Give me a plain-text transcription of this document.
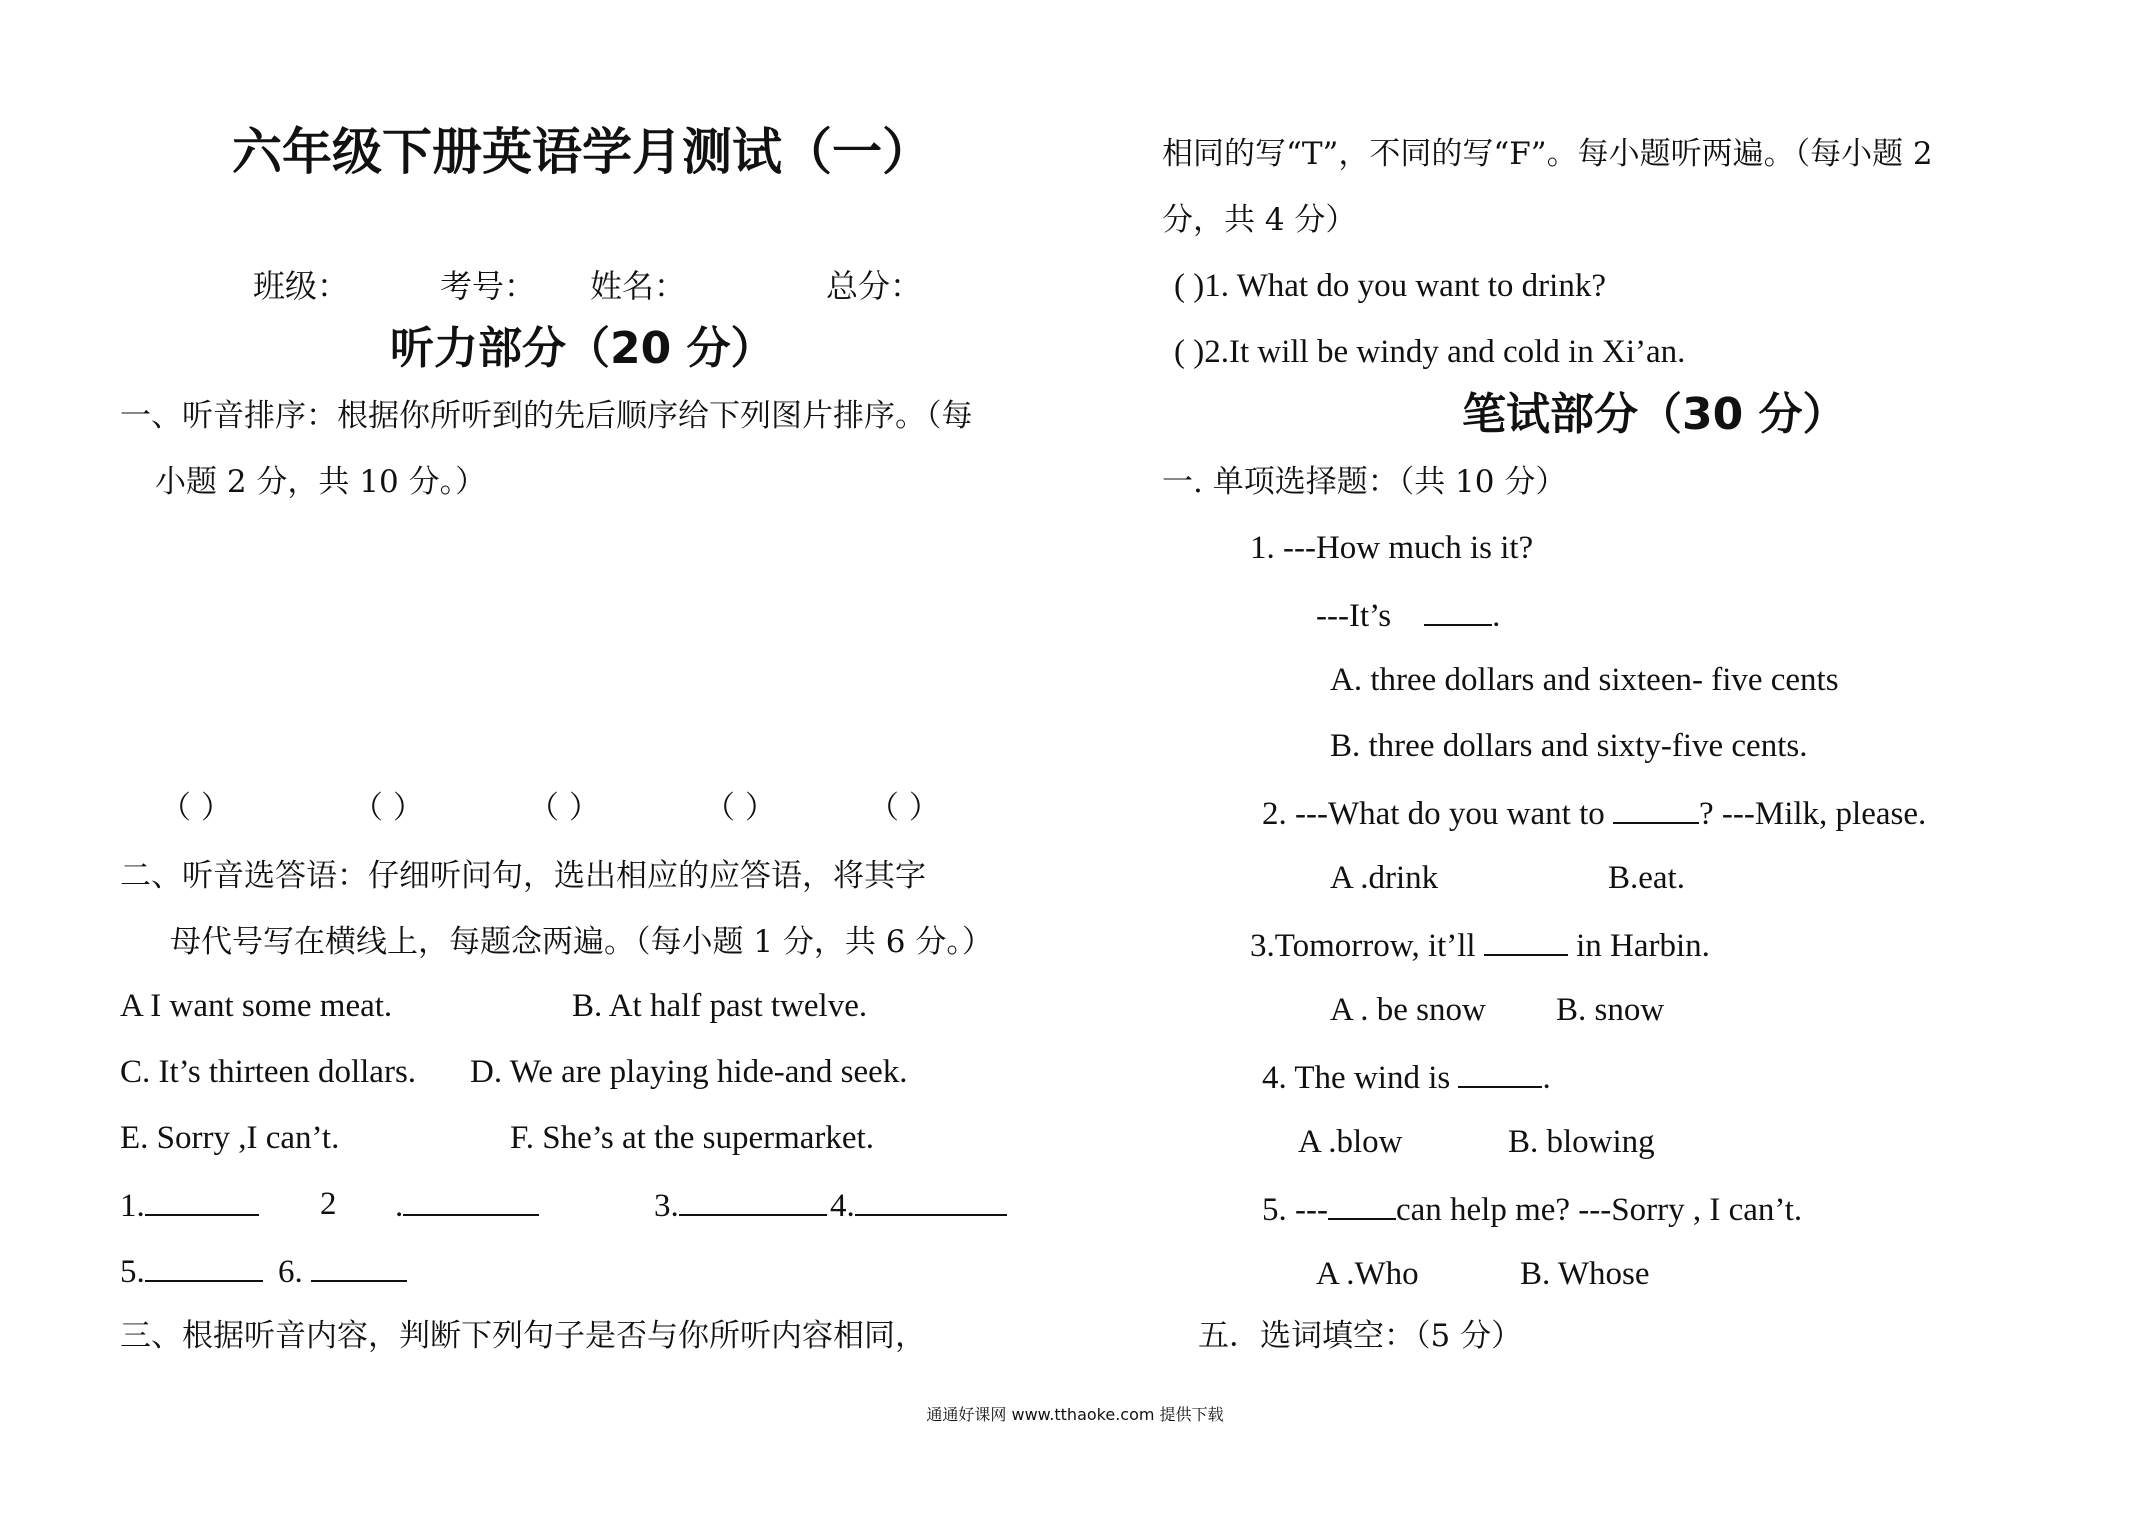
六年级下册英语学月测试（一）
班级：	考号： 姓名：	总分：
听力部分（20 分）
一、听音排序：根据你所听到的先后顺序给下列图片排序。（每
小题 2 分，共 10 分。）
（ ）	（ ）	（ ）	（ ）	（ ）
二、听音选答语：仔细听问句，选出相应的应答语，将其字
母代号写在横线上，每题念两遍。（每小题 1 分，共 6 分。）
A I want some meat.	B. At half past twelve.
C. It’s thirteen dollars. D. We are playing hide-and seek.
E. Sorry ,I can’t.	F. She’s at the supermarket.
1.	2 .	3.	4.
5.	6.
三、根据听音内容，判断下列句子是否与你所听内容相同，
相同的写“T”，不同的写“F”。每小题听两遍。（每小题 2
分，共 4 分）
( )1. What do you want to drink?
( )2.It will be windy and cold in Xi’an.
笔试部分（30 分）
一. 单项选择题：（共 10 分）
1. ---How much is it?
---It’s	.
A. three dollars and sixteen- five cents
B. three dollars and sixty-five cents.
2. ---What do you want to	? ---Milk, please.
A .drink	B.eat.
3.Tomorrow, it’ll	in Harbin.
A . be snow B. snow
4. The wind is	.
A .blow	B. blowing
5. --- can help me? ---Sorry , I can’t.
A .Who	B. Whose
五．选词填空：（5 分）
通通好课网 www.tthaoke.com 提供下载
